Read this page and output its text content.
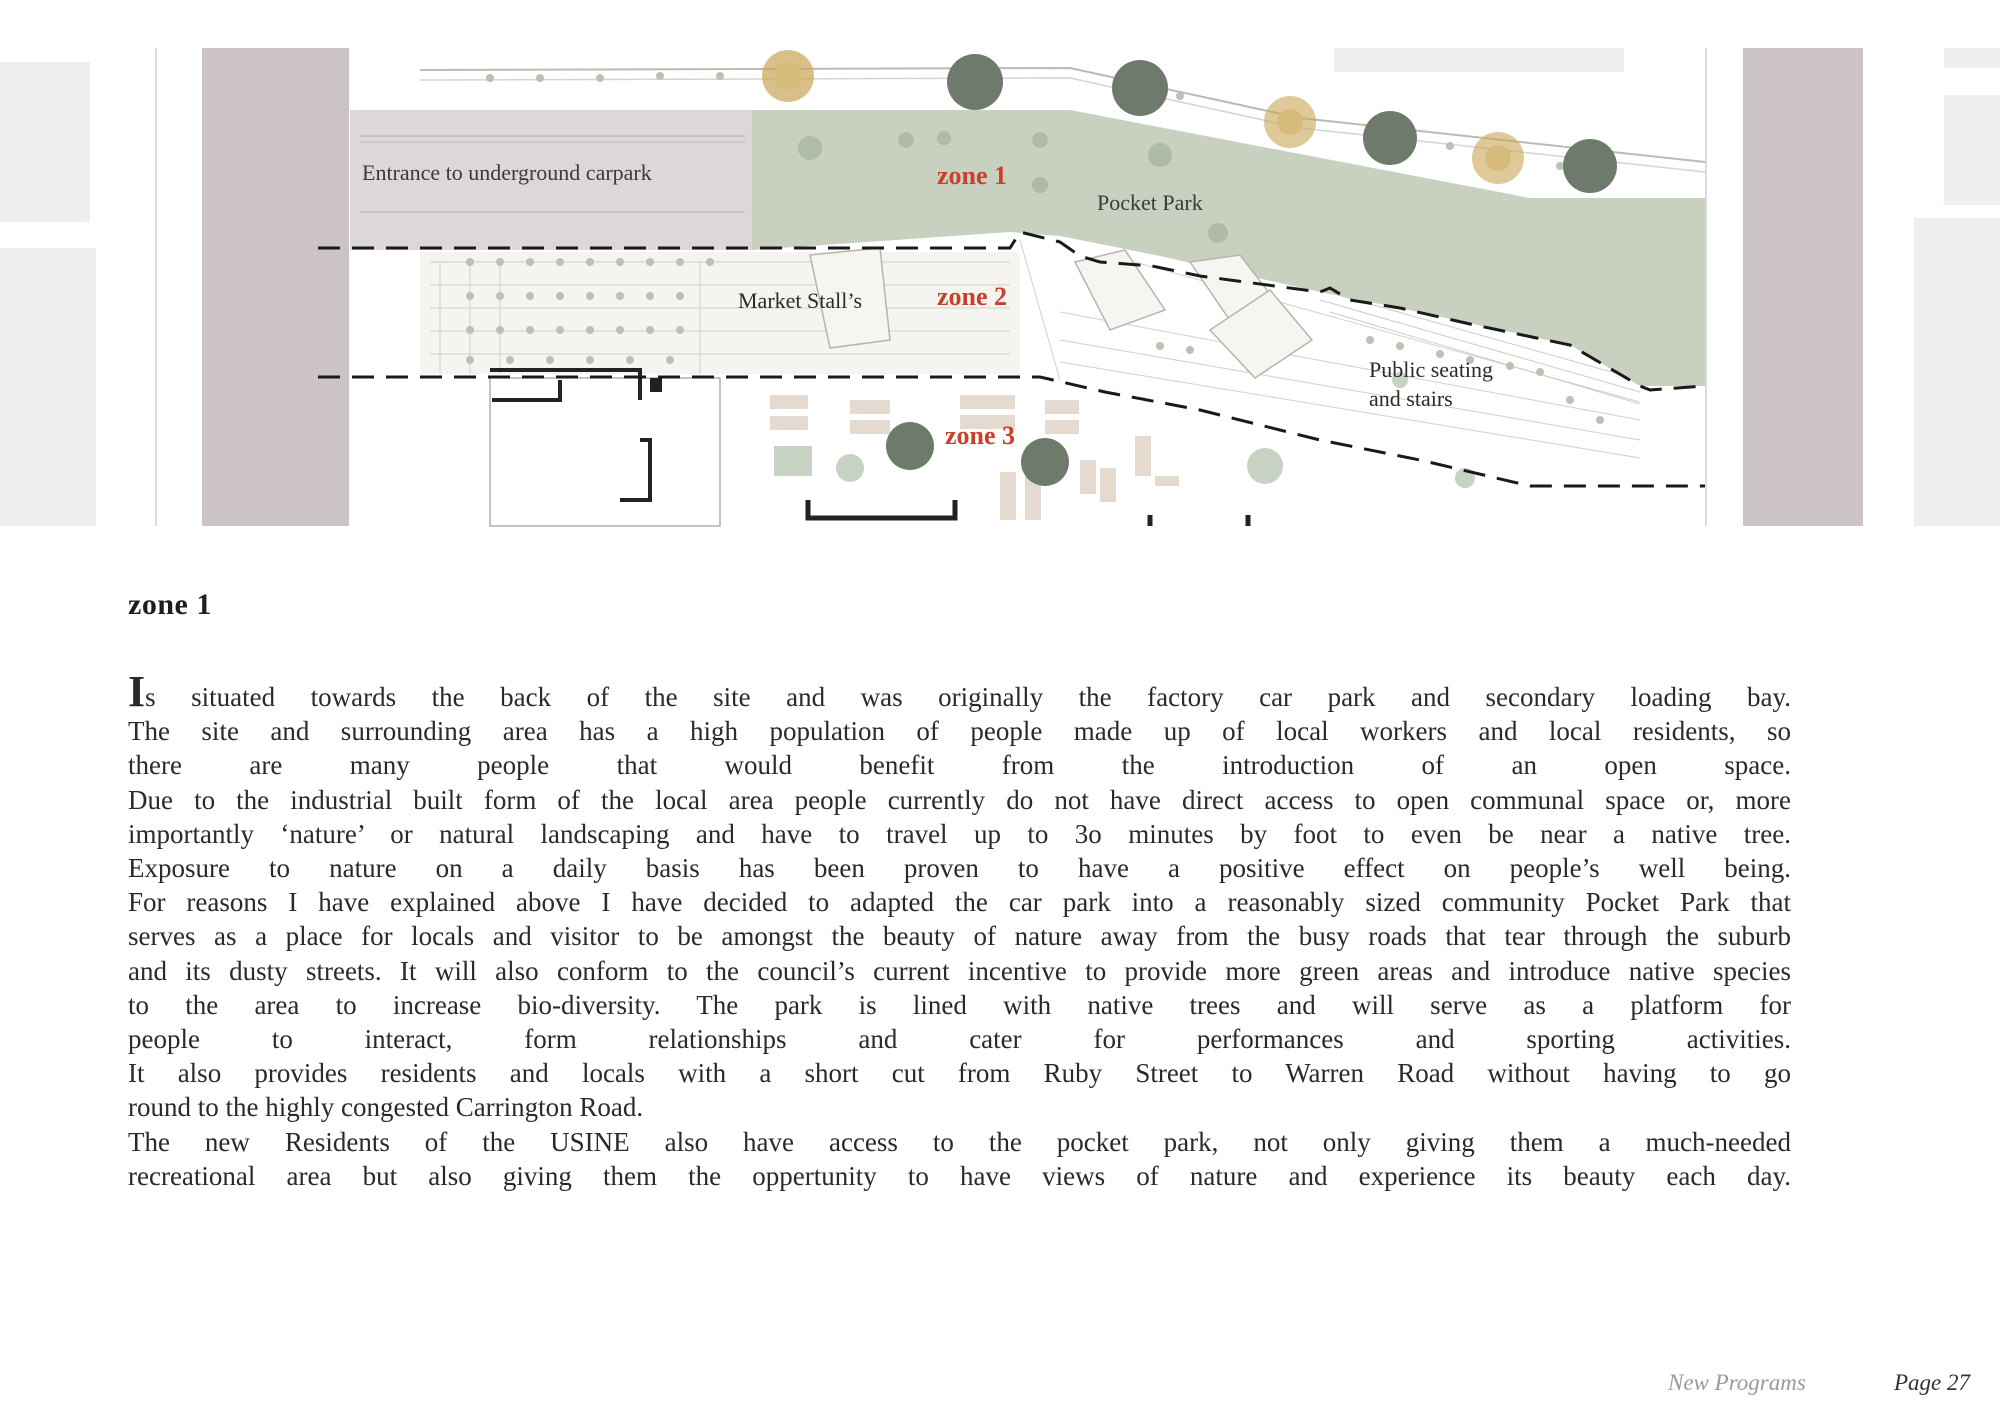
Entrance to underground carpark	zone 1
Pocket Park
Market Stall’s	zone 2
Public seating
and stairs
zone 3
zone 1

Is situated towards the back of the site and was originally the factory car park and secondary loading bay.

The site and surrounding area has a high population of people made up of local workers and local residents, so

there are many people that would benefit from the introduction of an open space.

Due to the industrial built form of the local area people currently do not have direct access to open communal space or, more

importantly ‘nature’ or natural landscaping and have to travel up to 3o minutes by foot to even be near a native tree.

Exposure to nature on a daily basis has been proven to have a positive effect on people’s well being.

For reasons I have explained above I have decided to adapted the car park into a reasonably sized community Pocket Park that

serves as a place for locals and visitor to be amongst the beauty of nature away from the busy roads that tear through the suburb

and its dusty streets. It will also conform to the council’s current incentive to provide more green areas and introduce native species

to the area to increase bio-diversity. The park is lined with native trees and will serve as a platform for

people to interact, form relationships and cater for performances and sporting activities.

It also provides residents and locals with a short cut from Ruby Street to Warren Road without having to go

round to the highly congested Carrington Road.

The new Residents of the USINE also have access to the pocket park, not only giving them a much-needed

recreational area but also giving them the oppertunity to have views of nature and experience its beauty each day.

New Programs	Page 27
